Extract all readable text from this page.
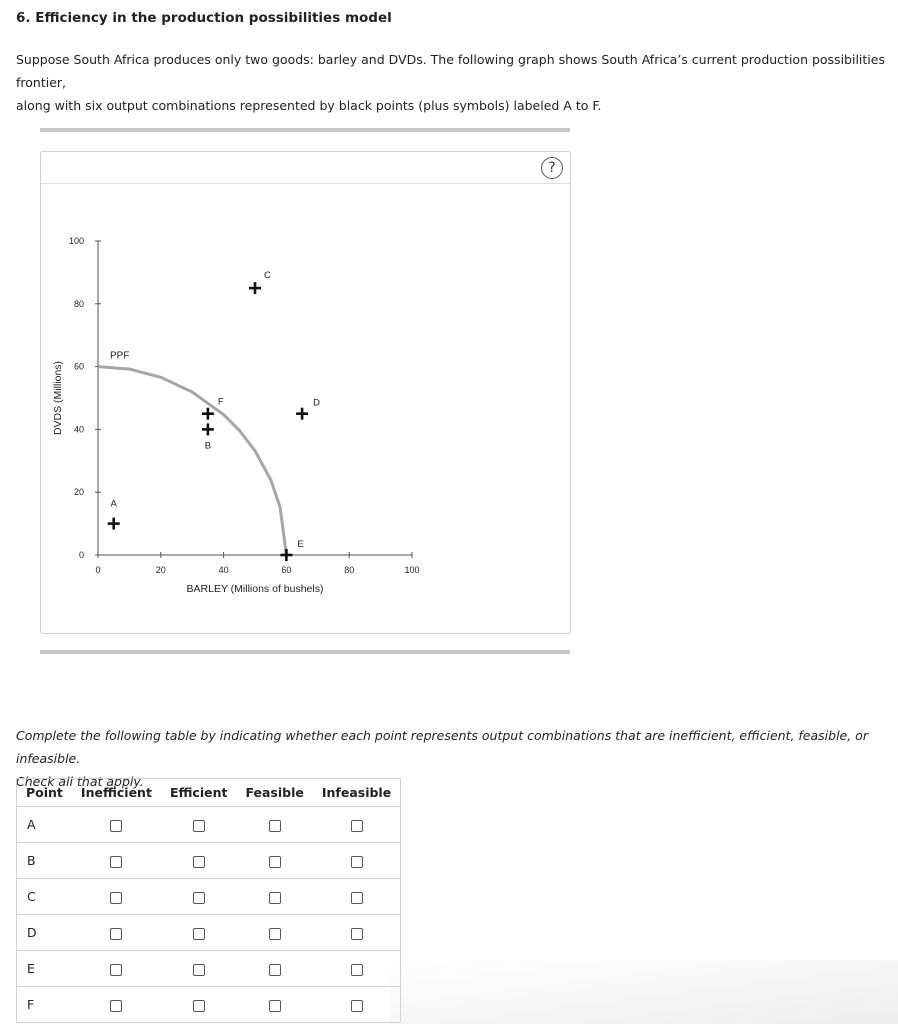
6. Efficiency in the production possibilities model
Suppose South Africa produces only two goods: barley and DVDs. The following graph shows South Africa’s current production possibilities frontier,
along with six output combinations represented by black points (plus symbols) labeled A to F.
?
0	20	40	60	80	100
0
20
40
60
80
100
BARLEY (Millions of bushels)
DVDS (Millions)
PPF
A
B
C
D
E
F
Complete the following table by indicating whether each point represents output combinations that are inefficient, efficient, feasible, or infeasible.
Check all that apply.
Point	Inefficient	Efficient	Feasible	Infeasible
A				
B				
C				
D				
E				
F				
